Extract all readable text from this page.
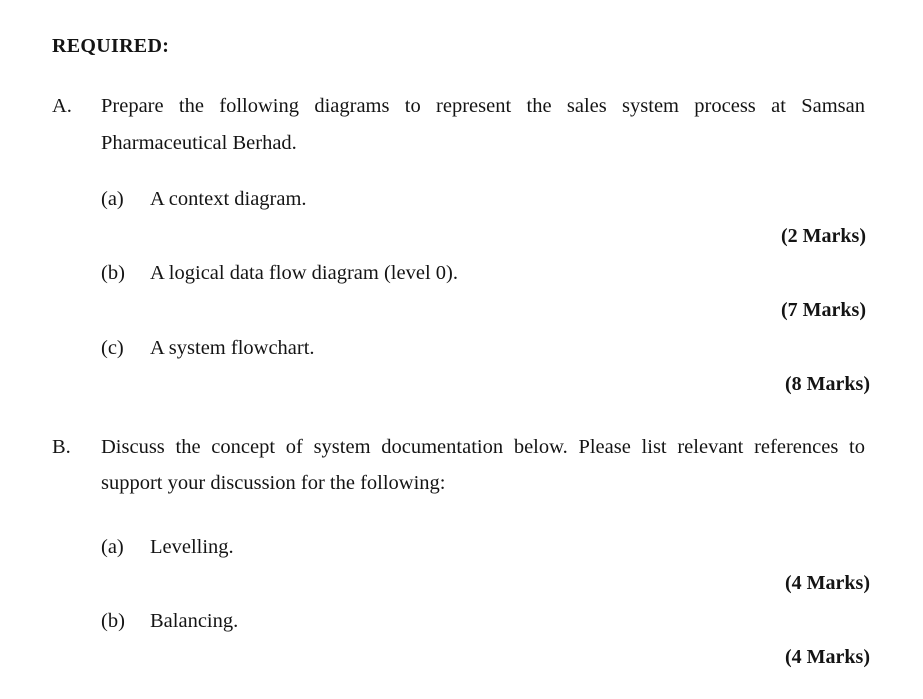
REQUIRED:
A. Prepare the following diagrams to represent the sales system process at Samsan
Pharmaceutical Berhad.
(a) A context diagram.
(2 Marks)
(b) A logical data flow diagram (level 0).
(7 Marks)
(c) A system flowchart.
(8 Marks)
B. Discuss the concept of system documentation below. Please list relevant references to
support your discussion for the following:
(a) Levelling.
(4 Marks)
(b) Balancing.
(4 Marks)
